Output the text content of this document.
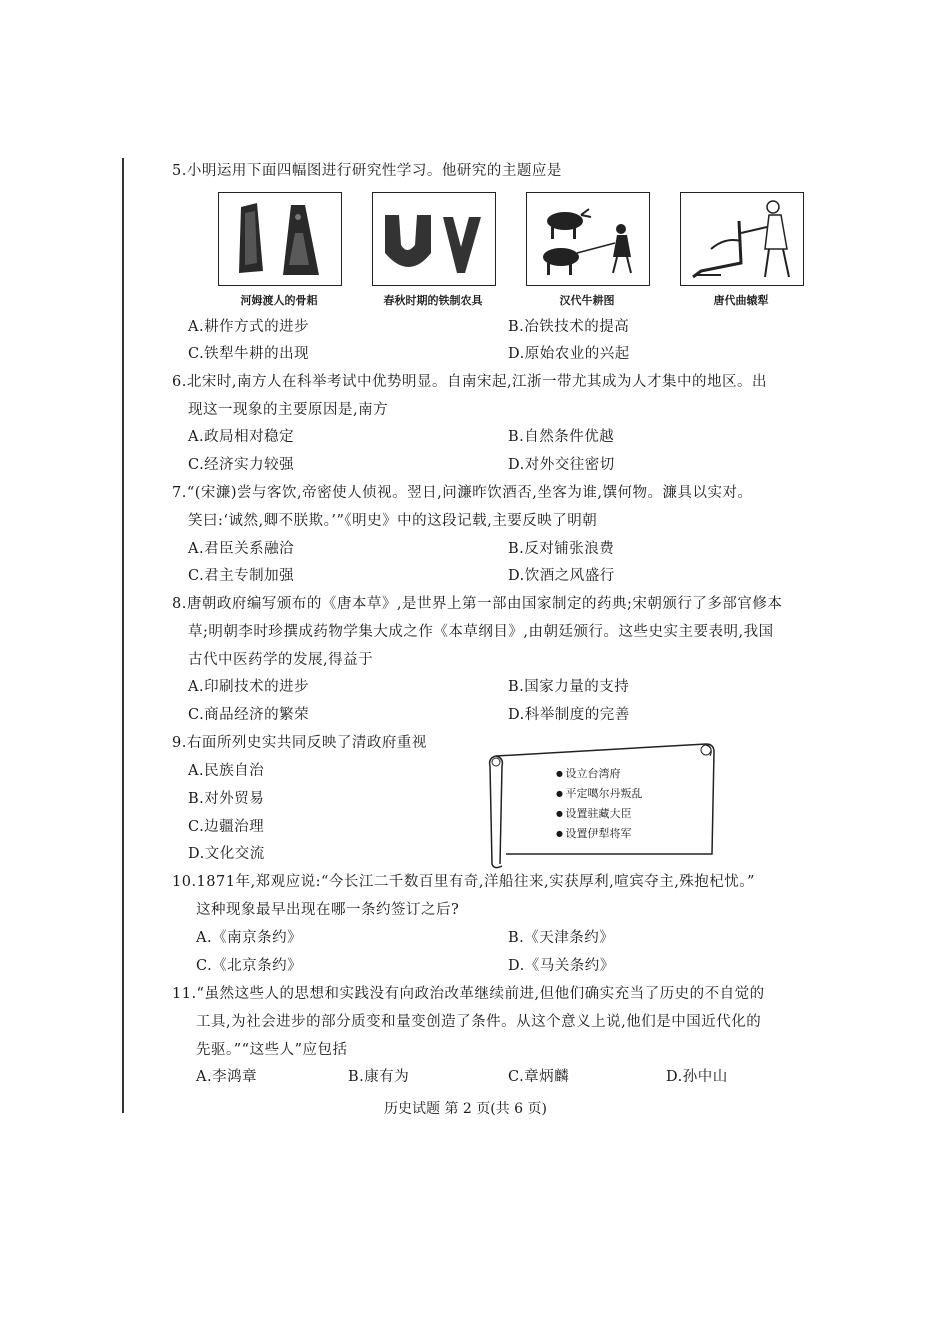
5.小明运用下面四幅图进行研究性学习。他研究的主题应是
河姆渡人的骨耜	春秋时期的铁制农具	汉代牛耕图	唐代曲辕犁
A.耕作方式的进步	B.冶铁技术的提高
C.铁犁牛耕的出现	D.原始农业的兴起
6.北宋时,南方人在科举考试中优势明显。自南宋起,江浙一带尤其成为人才集中的地区。出
现这一现象的主要原因是,南方
A.政局相对稳定	B.自然条件优越
C.经济实力较强	D.对外交往密切
7.“(宋濂)尝与客饮,帝密使人侦视。翌日,问濂昨饮酒否,坐客为谁,馔何物。濂具以实对。
笑曰:‘诚然,卿不朕欺。’”《明史》中的这段记载,主要反映了明朝
A.君臣关系融洽	B.反对铺张浪费
C.君主专制加强	D.饮酒之风盛行
8.唐朝政府编写颁布的《唐本草》,是世界上第一部由国家制定的药典;宋朝颁行了多部官修本
草;明朝李时珍撰成药物学集大成之作《本草纲目》,由朝廷颁行。这些史实主要表明,我国
古代中医药学的发展,得益于
A.印刷技术的进步	B.国家力量的支持
C.商品经济的繁荣	D.科举制度的完善
9.右面所列史实共同反映了清政府重视
A.民族自治
B.对外贸易
C.边疆治理
D.文化交流
● 设立台湾府
● 平定噶尔丹叛乱
● 设置驻藏大臣
● 设置伊犁将军
10.1871年,郑观应说:“今长江二千数百里有奇,洋船往来,实获厚利,喧宾夺主,殊抱杞忧。”
这种现象最早出现在哪一条约签订之后?
A.《南京条约》	B.《天津条约》
C.《北京条约》	D.《马关条约》
11.“虽然这些人的思想和实践没有向政治改革继续前进,但他们确实充当了历史的不自觉的
工具,为社会进步的部分质变和量变创造了条件。从这个意义上说,他们是中国近代化的
先驱。”“这些人”应包括
A.李鸿章	B.康有为	C.章炳麟	D.孙中山
历史试题 第 2 页(共 6 页)
